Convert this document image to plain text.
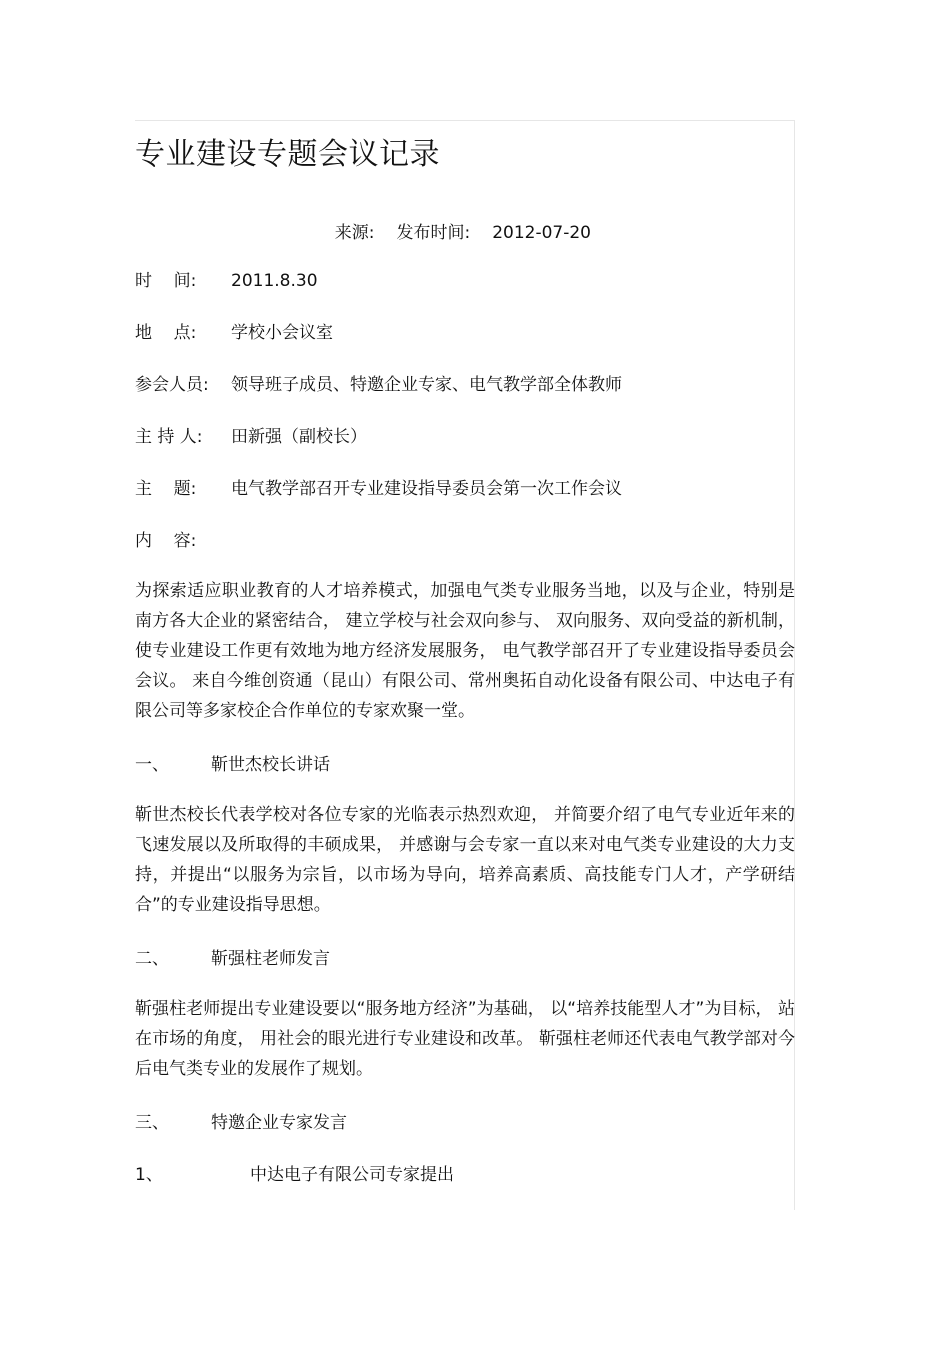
专业建设专题会议记录
来源: 发布时间: 2012-07-20
时    间:	2011.8.30
地    点:	学校小会议室
参会人员:	领导班子成员、特邀企业专家、电气教学部全体教师
主 持 人:	田新强（副校长）
主    题:	电气教学部召开专业建设指导委员会第一次工作会议
内    容:

为探索适应职业教育的人才培养模式，加强电气类专业服务当地，以及与企业，特别是南方各大企业的紧密结合， 建立学校与社会双向参与、 双向服务、双向受益的新机制， 使专业建设工作更有效地为地方经济发展服务， 电气教学部召开了专业建设指导委员会会议。 来自今维创资通（昆山）有限公司、常州奥拓自动化设备有限公司、中达电子有限公司等多家校企合作单位的专家欢聚一堂。

一、	靳世杰校长讲话

靳世杰校长代表学校对各位专家的光临表示热烈欢迎， 并简要介绍了电气专业近年来的飞速发展以及所取得的丰硕成果， 并感谢与会专家一直以来对电气类专业建设的大力支持，并提出“以服务为宗旨，以市场为导向，培养高素质、高技能专门人才，产学研结合”的专业建设指导思想。

二、	靳强柱老师发言

靳强柱老师提出专业建设要以“服务地方经济”为基础， 以“培养技能型人才”为目标， 站在市场的角度， 用社会的眼光进行专业建设和改革。 靳强柱老师还代表电气教学部对今后电气类专业的发展作了规划。

三、	特邀企业专家发言
1、	中达电子有限公司专家提出
